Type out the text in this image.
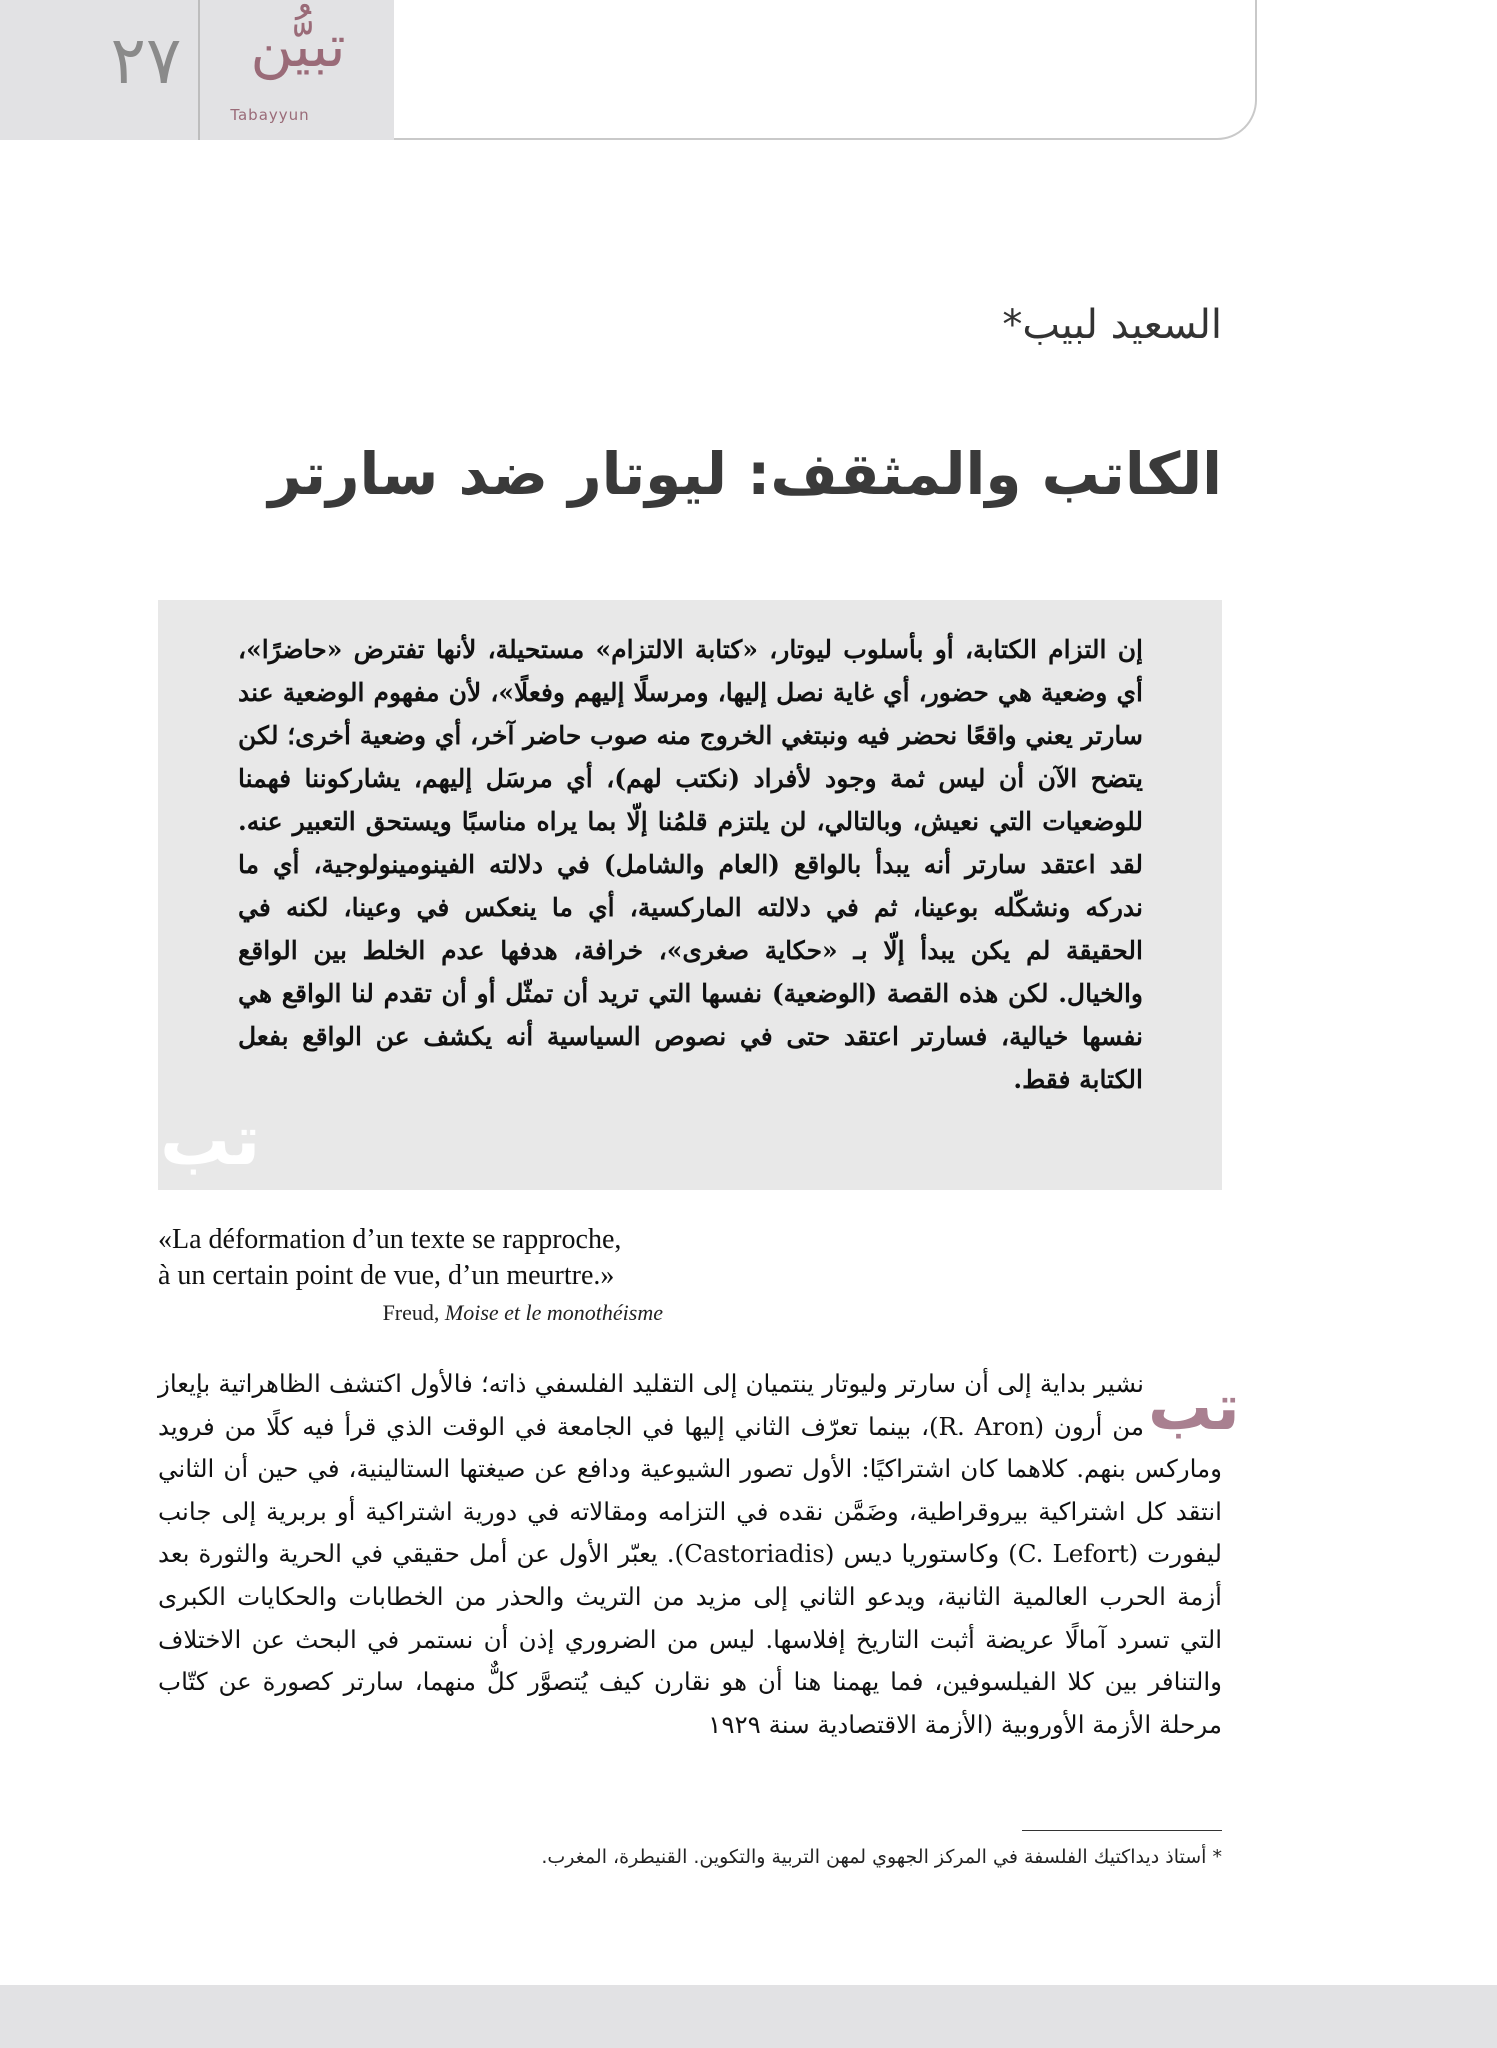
٢٧	تبيُّن
Tabayyun
السعيد لبيب*
الكاتب والمثقف: ليوتار ضد سارتر
إن التزام الكتابة، أو بأسلوب ليوتار، «كتابة الالتزام» مستحيلة، لأنها تفترض «حاضرًا»، أي وضعية هي حضور، أي غاية نصل إليها، ومرسلًا إليهم وفعلًا»، لأن مفهوم الوضعية عند سارتر يعني واقعًا نحضر فيه ونبتغي الخروج منه صوب حاضر آخر، أي وضعية أخرى؛ لكن يتضح الآن أن ليس ثمة وجود لأفراد (نكتب لهم)، أي مرسَل إليهم، يشاركوننا فهمنا للوضعيات التي نعيش، وبالتالي، لن يلتزم قلمُنا إلّا بما يراه مناسبًا ويستحق التعبير عنه. لقد اعتقد سارتر أنه يبدأ بالواقع (العام والشامل) في دلالته الفينومينولوجية، أي ما ندركه ونشكّله بوعينا، ثم في دلالته الماركسية، أي ما ينعكس في وعينا، لكنه في الحقيقة لم يكن يبدأ إلّا بـ «حكاية صغرى»، خرافة، هدفها عدم الخلط بين الواقع والخيال. لكن هذه القصة (الوضعية) نفسها التي تريد أن تمثّل أو أن تقدم لنا الواقع هي نفسها خيالية، فسارتر اعتقد حتى في نصوص السياسية أنه يكشف عن الواقع بفعل الكتابة فقط.
تب
«La déformation d’un texte se rapproche,
à un certain point de vue, d’un meurtre.»
Freud, Moise et le monothéisme
تب
نشير بداية إلى أن سارتر وليوتار ينتميان إلى التقليد الفلسفي ذاته؛ فالأول اكتشف الظاهراتية بإيعاز من أرون (R. Aron)، بينما تعرّف الثاني إليها في الجامعة في الوقت الذي قرأ فيه كلًا من فرويد وماركس بنهم. كلاهما كان اشتراكيًا: الأول تصور الشيوعية ودافع عن صيغتها الستالينية، في حين أن الثاني انتقد كل اشتراكية بيروقراطية، وضَمَّن نقده في التزامه ومقالاته في دورية اشتراكية أو بربرية إلى جانب ليفورت (C. Lefort) وكاستوريا ديس (Castoriadis). يعبّر الأول عن أمل حقيقي في الحرية والثورة بعد أزمة الحرب العالمية الثانية، ويدعو الثاني إلى مزيد من التريث والحذر من الخطابات والحكايات الكبرى التي تسرد آمالًا عريضة أثبت التاريخ إفلاسها. ليس من الضروري إذن أن نستمر في البحث عن الاختلاف والتنافر بين كلا الفيلسوفين، فما يهمنا هنا أن هو نقارن كيف يُتصوَّر كلٌّ منهما، سارتر كصورة عن كتّاب مرحلة الأزمة الأوروبية (الأزمة الاقتصادية سنة ١٩٢٩
* أستاذ ديداكتيك الفلسفة في المركز الجهوي لمهن التربية والتكوين. القنيطرة، المغرب.
